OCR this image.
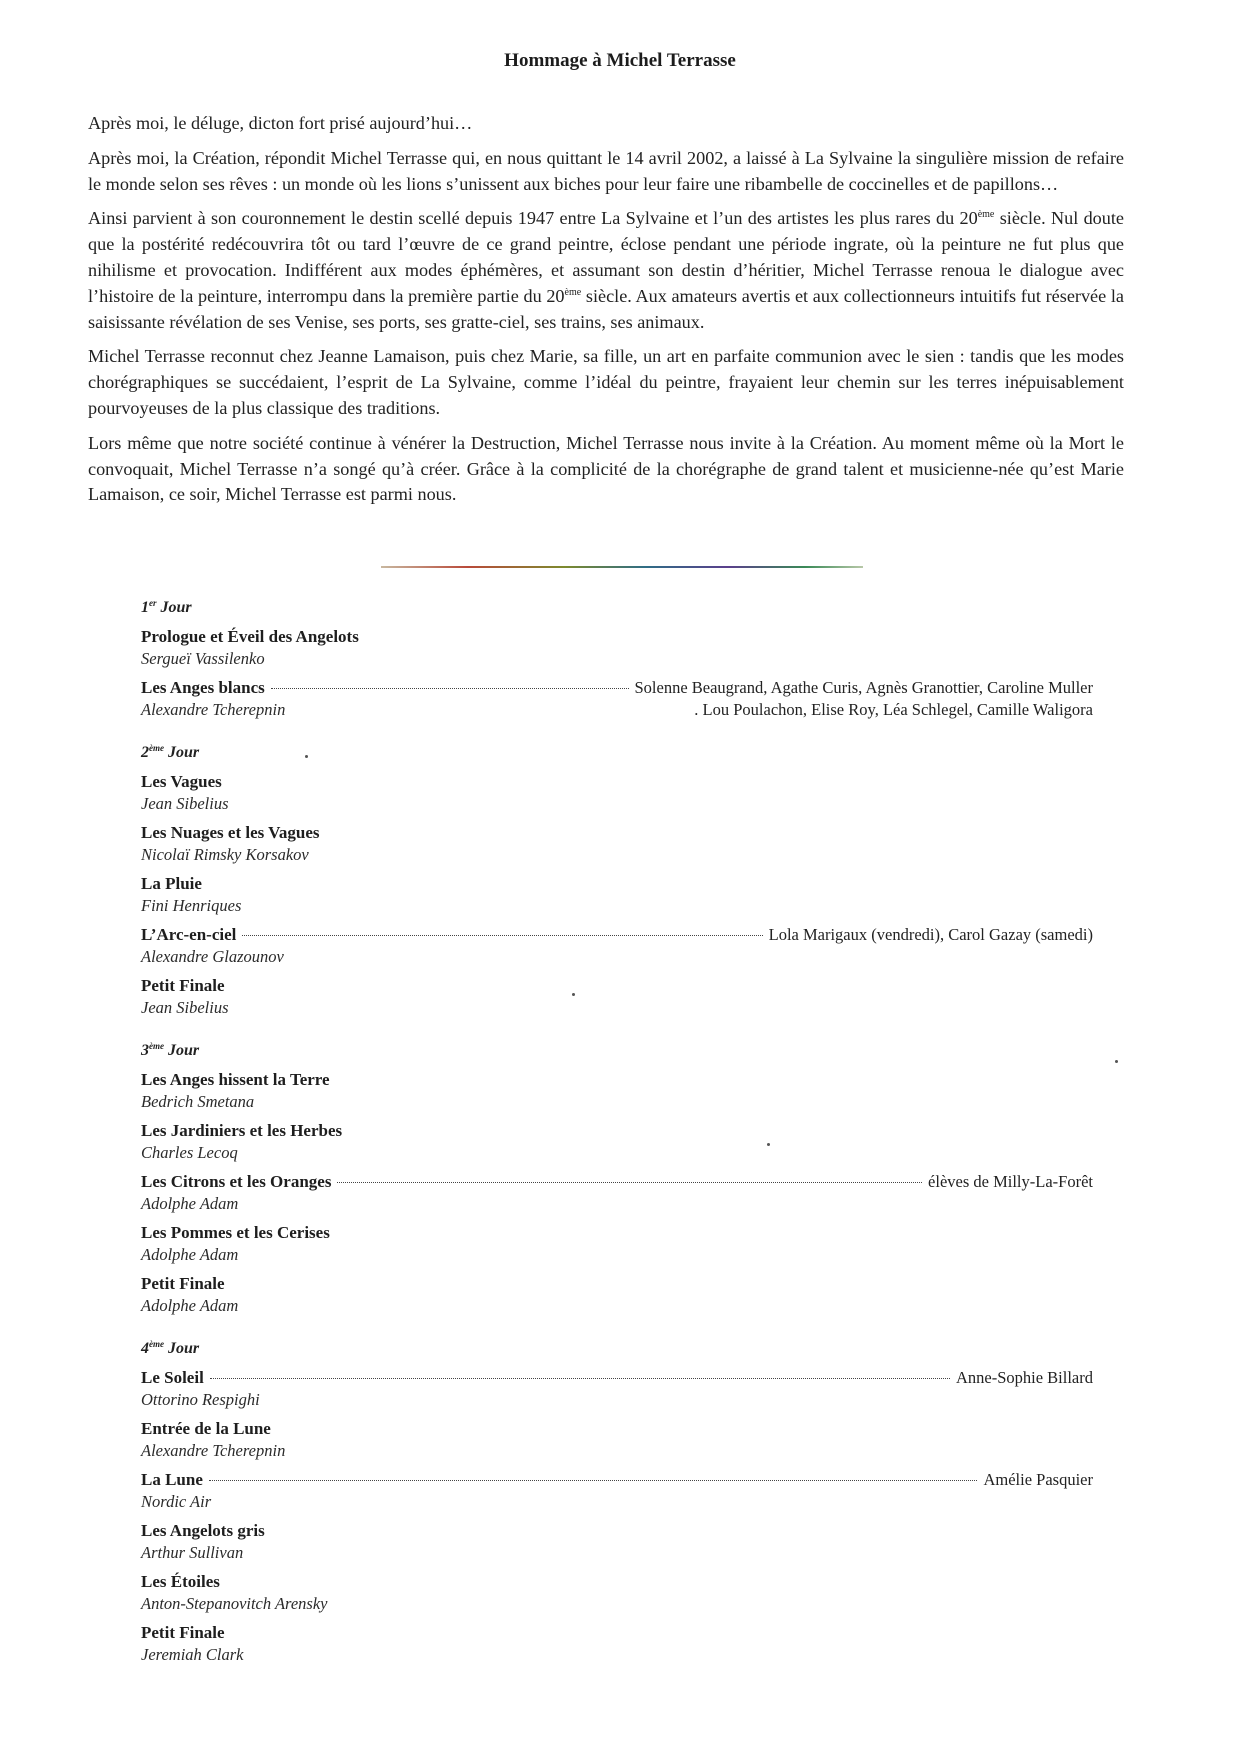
Hommage à Michel Terrasse

Après moi, le déluge, dicton fort prisé aujourd’hui…

Après moi, la Création, répondit Michel Terrasse qui, en nous quittant le 14 avril 2002, a laissé à La Sylvaine la singulière mission de refaire le monde selon ses rêves : un monde où les lions s’unissent aux biches pour leur faire une ribambelle de coccinelles et de papillons…

Ainsi parvient à son couronnement le destin scellé depuis 1947 entre La Sylvaine et l’un des artistes les plus rares du 20ème siècle. Nul doute que la postérité redécouvrira tôt ou tard l’œuvre de ce grand peintre, éclose pendant une période ingrate, où la peinture ne fut plus que nihilisme et provocation. Indifférent aux modes éphémères, et assumant son destin d’héritier, Michel Terrasse renoua le dialogue avec l’histoire de la peinture, interrompu dans la première partie du 20ème siècle. Aux amateurs avertis et aux collectionneurs intuitifs fut réservée la saisissante révélation de ses Venise, ses ports, ses gratte-ciel, ses trains, ses animaux.

Michel Terrasse reconnut chez Jeanne Lamaison, puis chez Marie, sa fille, un art en parfaite communion avec le sien : tandis que les modes chorégraphiques se succédaient, l’esprit de La Sylvaine, comme l’idéal du peintre, frayaient leur chemin sur les terres inépuisablement pourvoyeuses de la plus classique des traditions.

Lors même que notre société continue à vénérer la Destruction, Michel Terrasse nous invite à la Création. Au moment même où la Mort le convoquait, Michel Terrasse n’a songé qu’à créer. Grâce à la complicité de la chorégraphe de grand talent et musicienne-née qu’est Marie Lamaison, ce soir, Michel Terrasse est parmi nous.

1er Jour
Prologue et Éveil des Angelots
Sergueï Vassilenko
Les Anges blancs	Solenne Beaugrand, Agathe Curis, Agnès Granottier, Caroline Muller
Alexandre Tcherepnin	. Lou Poulachon, Elise Roy, Léa Schlegel, Camille Waligora
2ème Jour
Les Vagues
Jean Sibelius
Les Nuages et les Vagues
Nicolaï Rimsky Korsakov
La Pluie
Fini Henriques
L’Arc-en-ciel	Lola Marigaux (vendredi), Carol Gazay (samedi)
Alexandre Glazounov
Petit Finale
Jean Sibelius
3ème Jour
Les Anges hissent la Terre
Bedrich Smetana
Les Jardiniers et les Herbes
Charles Lecoq
Les Citrons et les Oranges	élèves de Milly-La-Forêt
Adolphe Adam
Les Pommes et les Cerises
Adolphe Adam
Petit Finale
Adolphe Adam
4ème Jour
Le Soleil	Anne-Sophie Billard
Ottorino Respighi
Entrée de la Lune
Alexandre Tcherepnin
La Lune	Amélie Pasquier
Nordic Air
Les Angelots gris
Arthur Sullivan
Les Étoiles
Anton-Stepanovitch Arensky
Petit Finale
Jeremiah Clark
